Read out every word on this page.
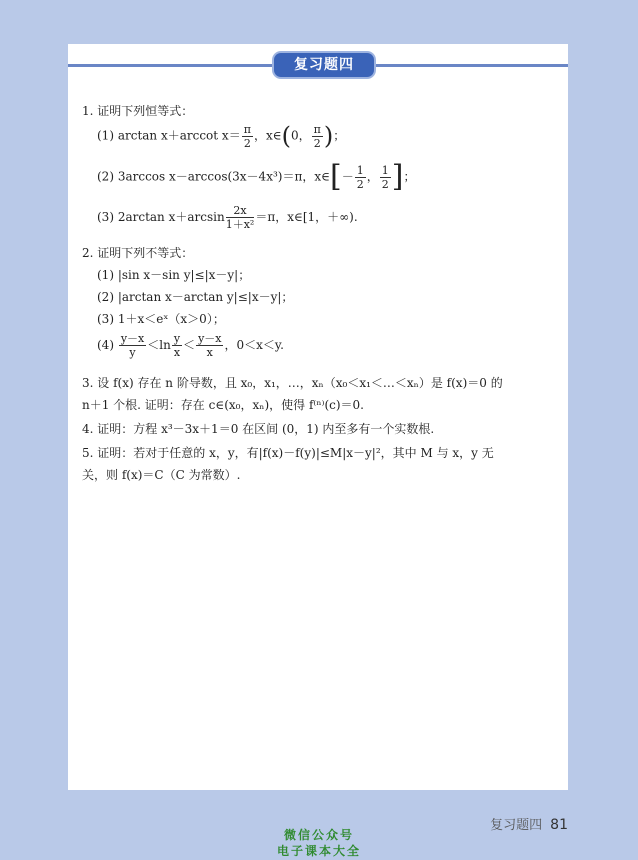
复习题四
1. 证明下列恒等式：
(1) arctan x＋arccot $x= \frac{\pi}{2}$ ，x∈(0， $\frac{\pi}{2}$ )；
(2) 3arccos x－arccos(3x－4x³)＝π，x∈[－ $\frac{1}{2}$ ， $\frac{1}{2}$ ]；
(3) 2arctan $x+\arcsin \frac{2x}{\text{1＋x²}} =\pi$，x∈[1，＋∞).
2. 证明下列不等式：
(1) |sin x－sin y|≤|x－y|；
(2) |arctan x－arctan y|≤|x－y|；
(3) 1＋x＜eˣ（x＞0）；
$(4) \frac{y-x}{y} <\ln \frac{y}{x} < \frac{y-x}{x}$ ，0＜x＜y.
3. 设 f(x) 存在 n 阶导数，且 x₀，x₁，…，xₙ（x₀＜x₁＜…＜xₙ）是 f(x)＝0 的
n＋1 个根. 证明：存在 c∈(x₀，xₙ)，使得 f⁽ⁿ⁾(c)＝0.
4. 证明：方程 x³－3x＋1＝0 在区间 (0，1) 内至多有一个实数根.
5. 证明：若对于任意的 x，y，有|f(x)－f(y)|≤M|x－y|²，其中 M 与 x，y 无
关，则 f(x)＝C（C 为常数）.
复习题四 81
微信公众号
电子课本大全
